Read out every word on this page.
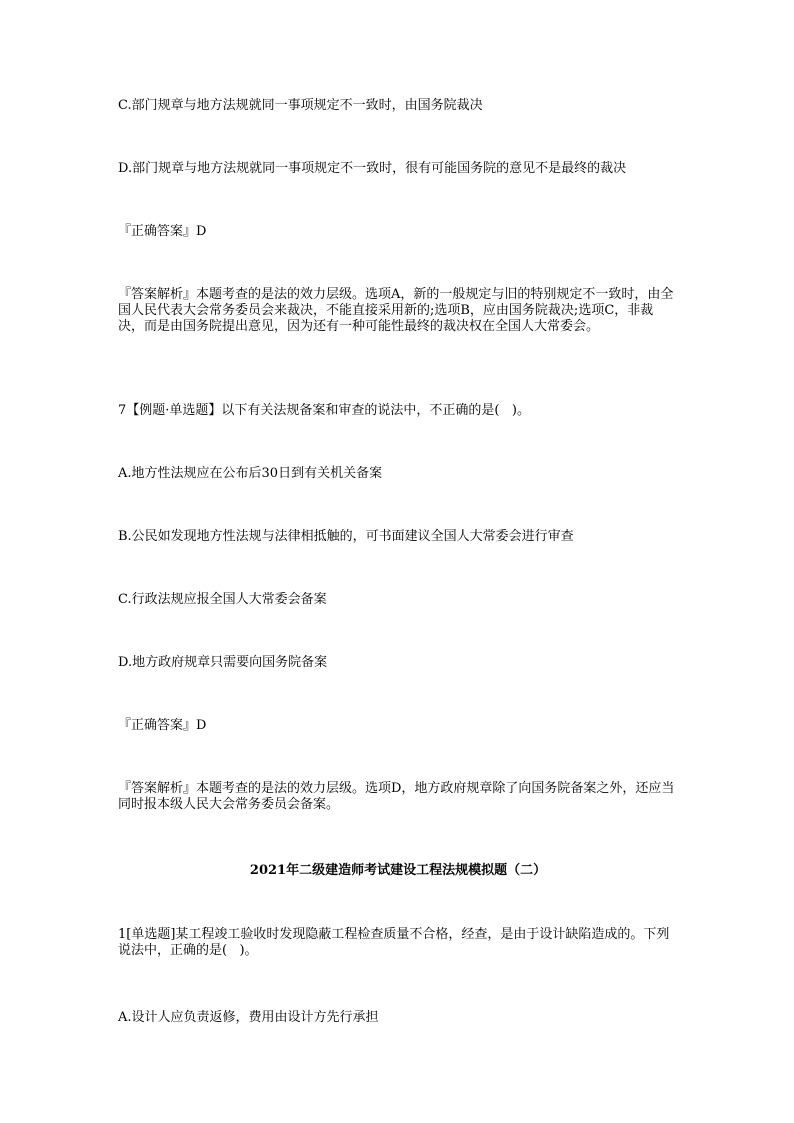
C.部门规章与地方法规就同一事项规定不一致时，由国务院裁决

D.部门规章与地方法规就同一事项规定不一致时，很有可能国务院的意见不是最终的裁决

『正确答案』D

『答案解析』本题考查的是法的效力层级。选项A，新的一般规定与旧的特别规定不一致时，由全国人民代表大会常务委员会来裁决，不能直接采用新的;选项B，应由国务院裁决;选项C，非裁决，而是由国务院提出意见，因为还有一种可能性最终的裁决权在全国人大常委会。

7【例题·单选题】以下有关法规备案和审查的说法中，不正确的是(   )。

A.地方性法规应在公布后30日到有关机关备案

B.公民如发现地方性法规与法律相抵触的，可书面建议全国人大常委会进行审查

C.行政法规应报全国人大常委会备案

D.地方政府规章只需要向国务院备案

『正确答案』D

『答案解析』本题考查的是法的效力层级。选项D，地方政府规章除了向国务院备案之外，还应当同时报本级人民大会常务委员会备案。

2021年二级建造师考试建设工程法规模拟题（二）

1[单选题]某工程竣工验收时发现隐蔽工程检查质量不合格，经查，是由于设计缺陷造成的。下列说法中，正确的是(   )。

A.设计人应负责返修，费用由设计方先行承担
